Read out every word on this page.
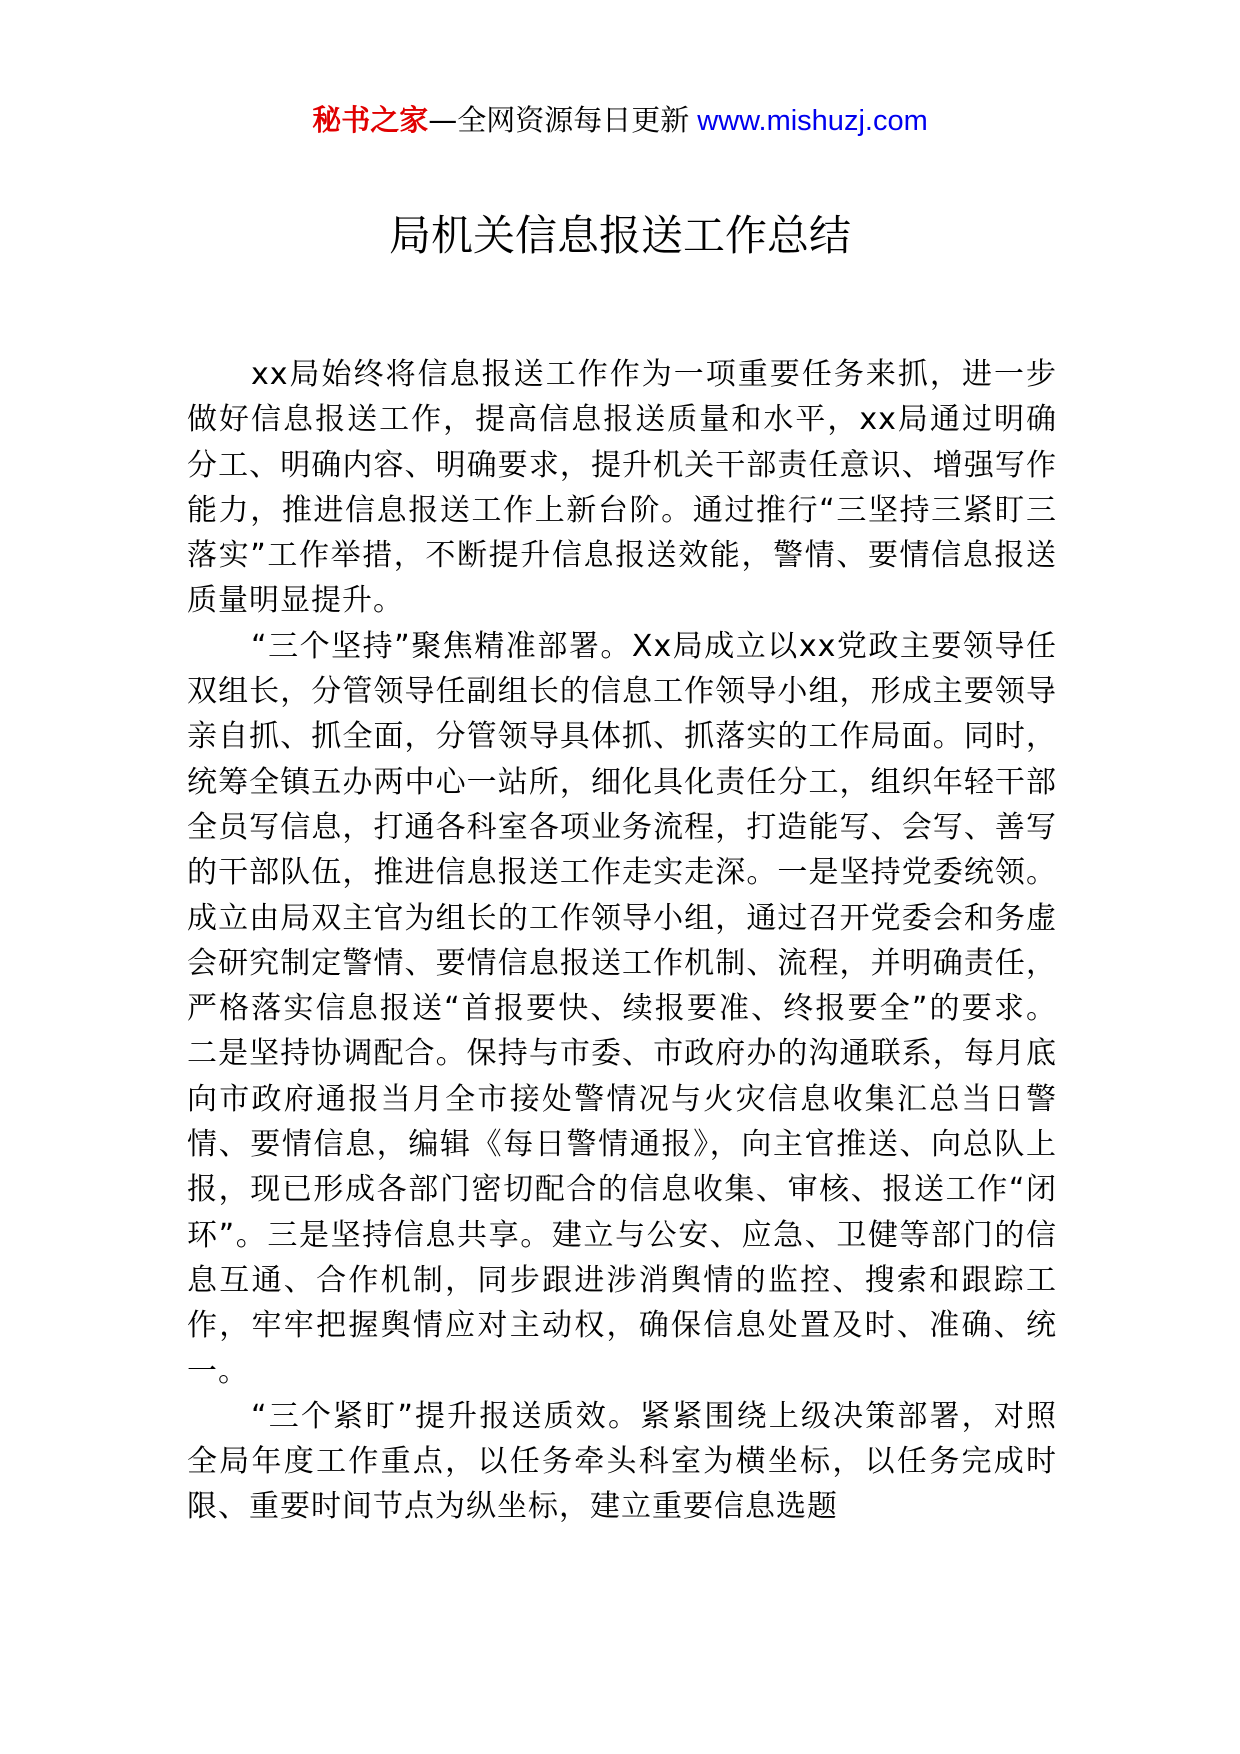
秘书之家—全网资源每日更新 www.mishuzj.com
局机关信息报送工作总结

xx局始终将信息报送工作作为一项重要任务来抓，进一步做好信息报送工作，提高信息报送质量和水平，xx局通过明确分工、明确内容、明确要求，提升机关干部责任意识、增强写作能力，推进信息报送工作上新台阶。通过推行“三坚持三紧盯三落实”工作举措，不断提升信息报送效能，警情、要情信息报送质量明显提升。

“三个坚持”聚焦精准部署。Xx局成立以xx党政主要领导任双组长，分管领导任副组长的信息工作领导小组，形成主要领导亲自抓、抓全面，分管领导具体抓、抓落实的工作局面。同时，统筹全镇五办两中心一站所，细化具化责任分工，组织年轻干部全员写信息，打通各科室各项业务流程，打造能写、会写、善写的干部队伍，推进信息报送工作走实走深。一是坚持党委统领。成立由局双主官为组长的工作领导小组，通过召开党委会和务虚会研究制定警情、要情信息报送工作机制、流程，并明确责任，严格落实信息报送“首报要快、续报要准、终报要全”的要求。二是坚持协调配合。保持与市委、市政府办的沟通联系，每月底向市政府通报当月全市接处警情况与火灾信息收集汇总当日警情、要情信息，编辑《每日警情通报》，向主官推送、向总队上报，现已形成各部门密切配合的信息收集、审核、报送工作“闭环”。三是坚持信息共享。建立与公安、应急、卫健等部门的信息互通、合作机制，同步跟进涉消舆情的监控、搜索和跟踪工作，牢牢把握舆情应对主动权，确保信息处置及时、准确、统一。

“三个紧盯”提升报送质效。紧紧围绕上级决策部署，对照全局年度工作重点，以任务牵头科室为横坐标，以任务完成时限、重要时间节点为纵坐标，建立重要信息选题
